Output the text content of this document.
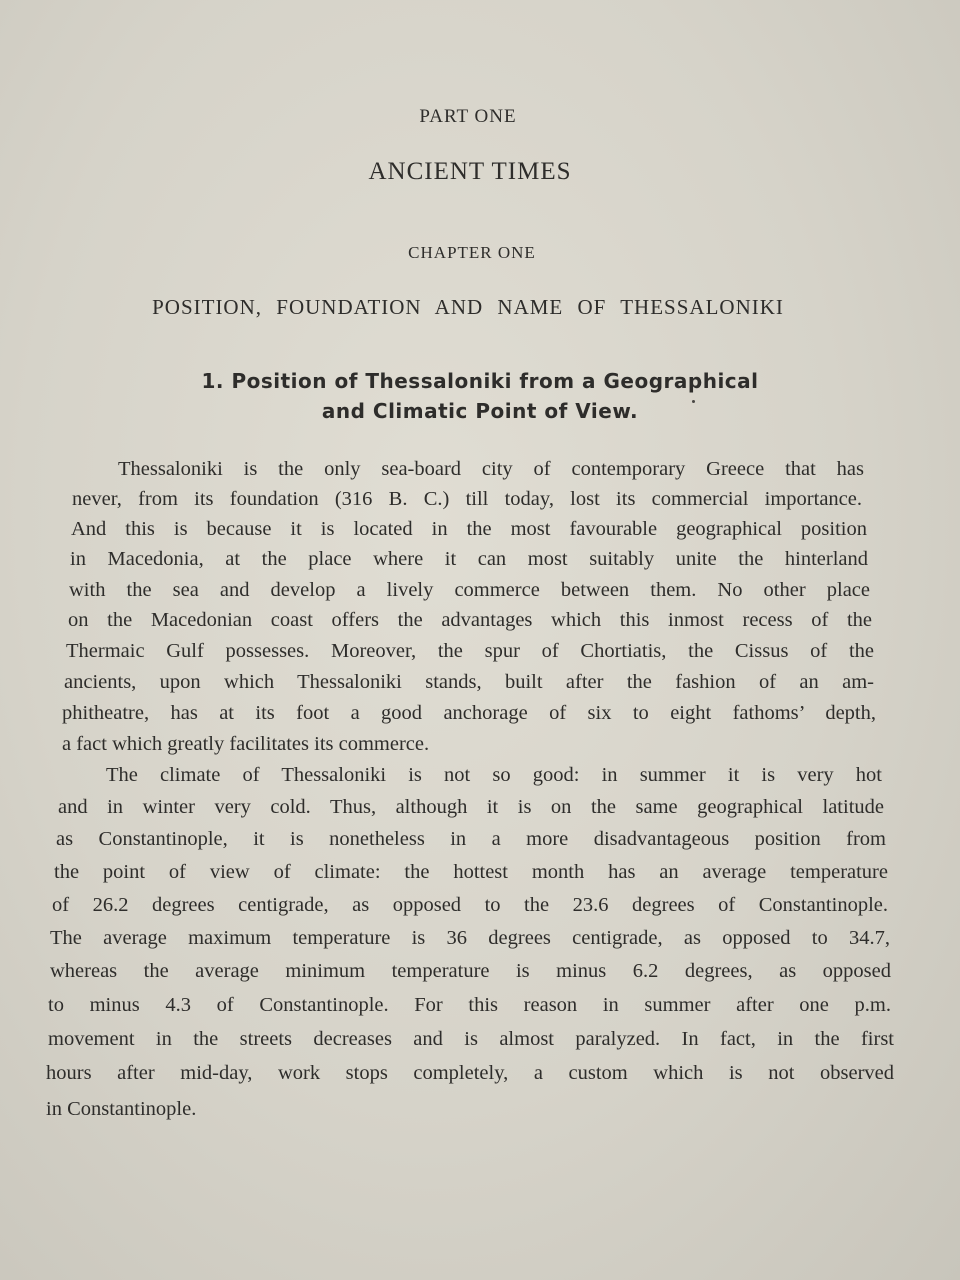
PART ONE
ANCIENT TIMES
CHAPTER ONE
POSITION, FOUNDATION AND NAME OF THESSALONIKI
1. Position of Thessaloniki from a Geographical
and Climatic Point of View.
Thessaloniki is the only sea-board city of contemporary Greece that has
never, from its foundation (316 B. C.) till today, lost its commercial importance.
And this is because it is located in the most favourable geographical position
in Macedonia, at the place where it can most suitably unite the hinterland
with the sea and develop a lively commerce between them. No other place
on the Macedonian coast offers the advantages which this inmost recess of the
Thermaic Gulf possesses. Moreover, the spur of Chortiatis, the Cissus of the
ancients, upon which Thessaloniki stands, built after the fashion of an am-
phitheatre, has at its foot a good anchorage of six to eight fathoms’ depth,
a fact which greatly facilitates its commerce.
The climate of Thessaloniki is not so good: in summer it is very hot
and in winter very cold. Thus, although it is on the same geographical latitude
as Constantinople, it is nonetheless in a more disadvantageous position from
the point of view of climate: the hottest month has an average temperature
of 26.2 degrees centigrade, as opposed to the 23.6 degrees of Constantinople.
The average maximum temperature is 36 degrees centigrade, as opposed to 34.7,
whereas the average minimum temperature is minus 6.2 degrees, as opposed
to minus 4.3 of Constantinople. For this reason in summer after one p.m.
movement in the streets decreases and is almost paralyzed. In fact, in the first
hours after mid-day, work stops completely, a custom which is not observed
in Constantinople.
